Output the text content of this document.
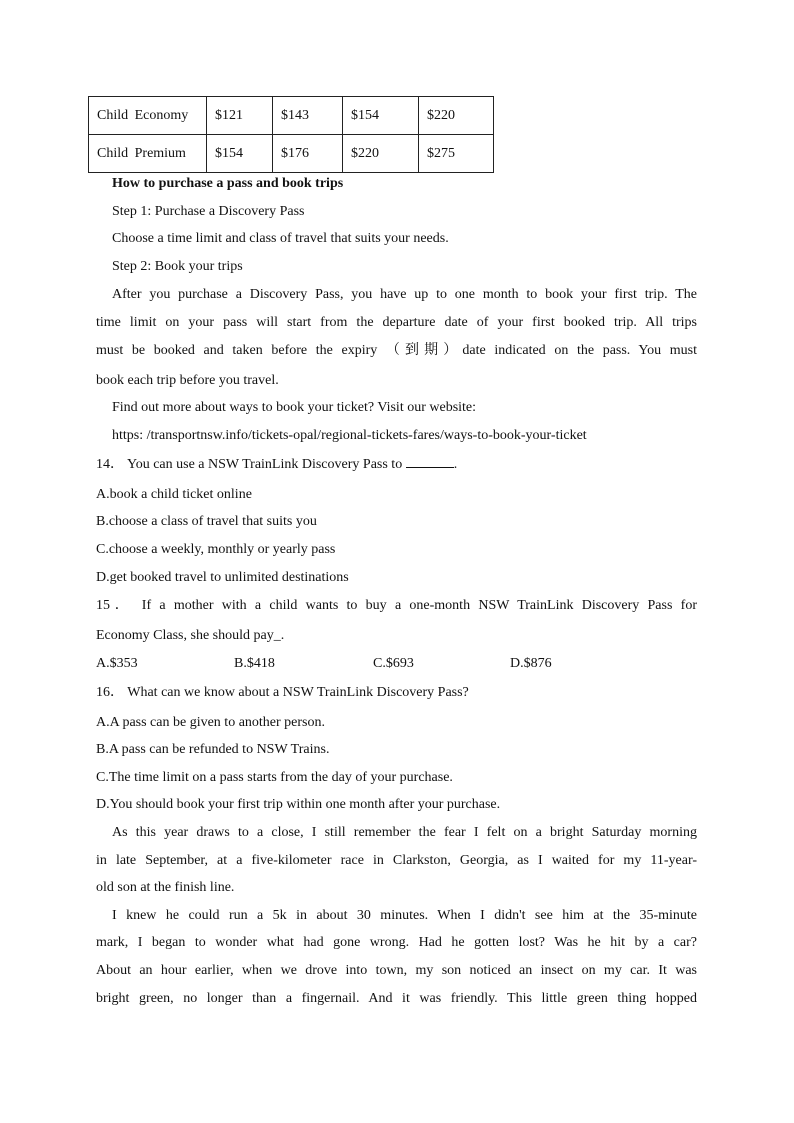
Child Economy	$121	$143	$154	$220
Child Premium	$154	$176	$220	$275
How to purchase a pass and book trips
Step 1: Purchase a Discovery Pass
Choose a time limit and class of travel that suits your needs.
Step 2: Book your trips
After you purchase a Discovery Pass, you have up to one month to book your first trip. The
time limit on your pass will start from the departure date of your first booked trip. All trips
must be booked and taken before the expiry （到期）date indicated on the pass. You must
book each trip before you travel.
Find out more about ways to book your ticket? Visit our website:
https: /transportnsw.info/tickets-opal/regional-tickets-fares/ways-to-book-your-ticket
14． You can use a NSW TrainLink Discovery Pass to	.
A.book a child ticket online
B.choose a class of travel that suits you
C.choose a weekly, monthly or yearly pass
D.get booked travel to unlimited destinations
15． If a mother with a child wants to buy a one-month NSW TrainLink Discovery Pass for
Economy Class, she should pay_.
A.$353	B.$418	C.$693	D.$876
16． What can we know about a NSW TrainLink Discovery Pass?
A.A pass can be given to another person.
B.A pass can be refunded to NSW Trains.
C.The time limit on a pass starts from the day of your purchase.
D.You should book your first trip within one month after your purchase.
As this year draws to a close, I still remember the fear I felt on a bright Saturday morning
in late September, at a five-kilometer race in Clarkston, Georgia, as I waited for my 11-year-
old son at the finish line.
I knew he could run a 5k in about 30 minutes. When I didn't see him at the 35-minute
mark, I began to wonder what had gone wrong. Had he gotten lost? Was he hit by a car?
About an hour earlier, when we drove into town, my son noticed an insect on my car. It was
bright green, no longer than a fingernail. And it was friendly. This little green thing hopped
